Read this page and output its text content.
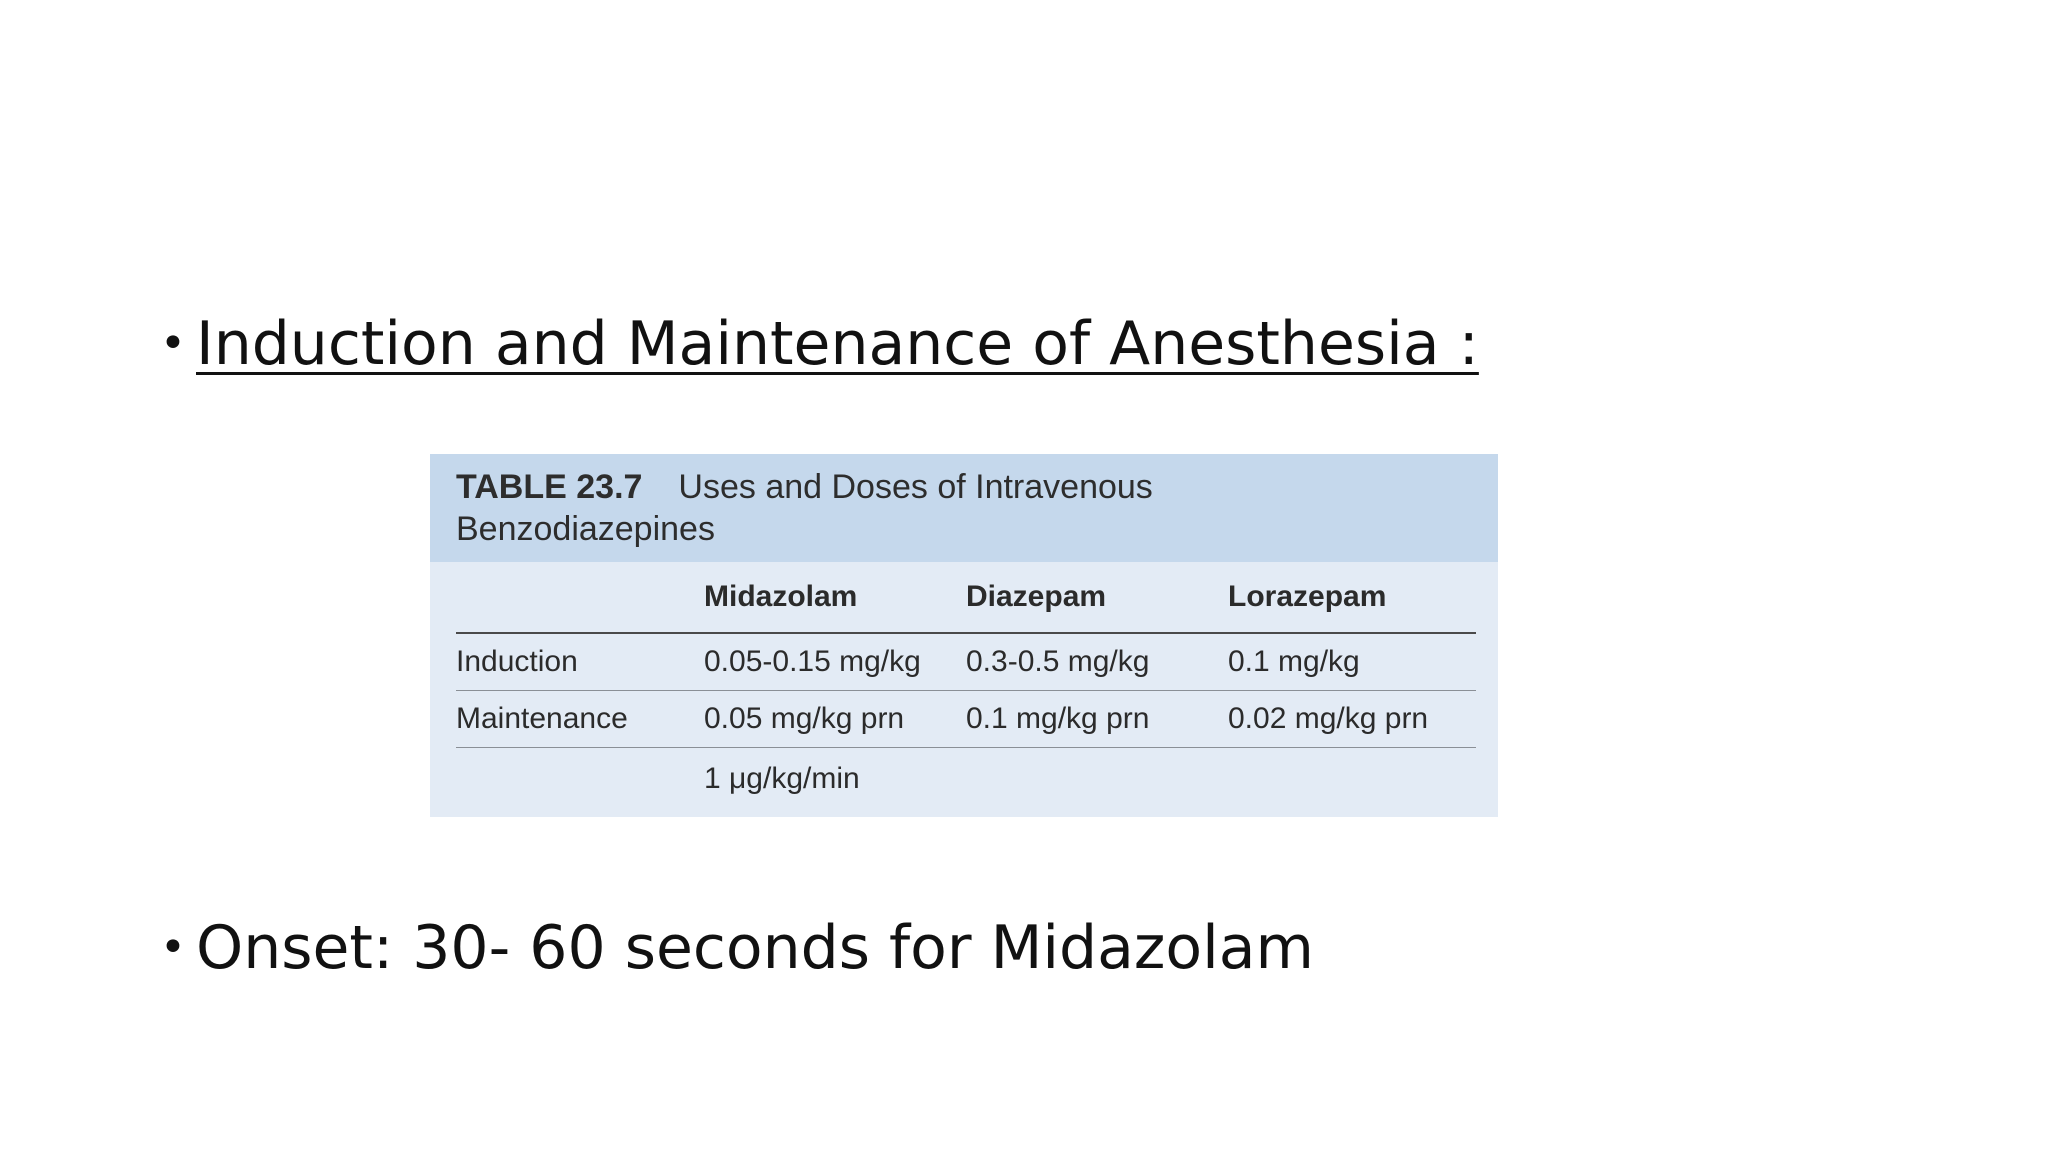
• Induction and Maintenance of Anesthesia :
TABLE 23.7 Uses and Doses of Intravenous
Benzodiazepines
	Midazolam	Diazepam	Lorazepam
Induction	0.05-0.15 mg/kg	0.3-0.5 mg/kg	0.1 mg/kg
Maintenance	0.05 mg/kg prn	0.1 mg/kg prn	0.02 mg/kg prn
	1 μg/kg/min		
• Onset: 30- 60 seconds for Midazolam
